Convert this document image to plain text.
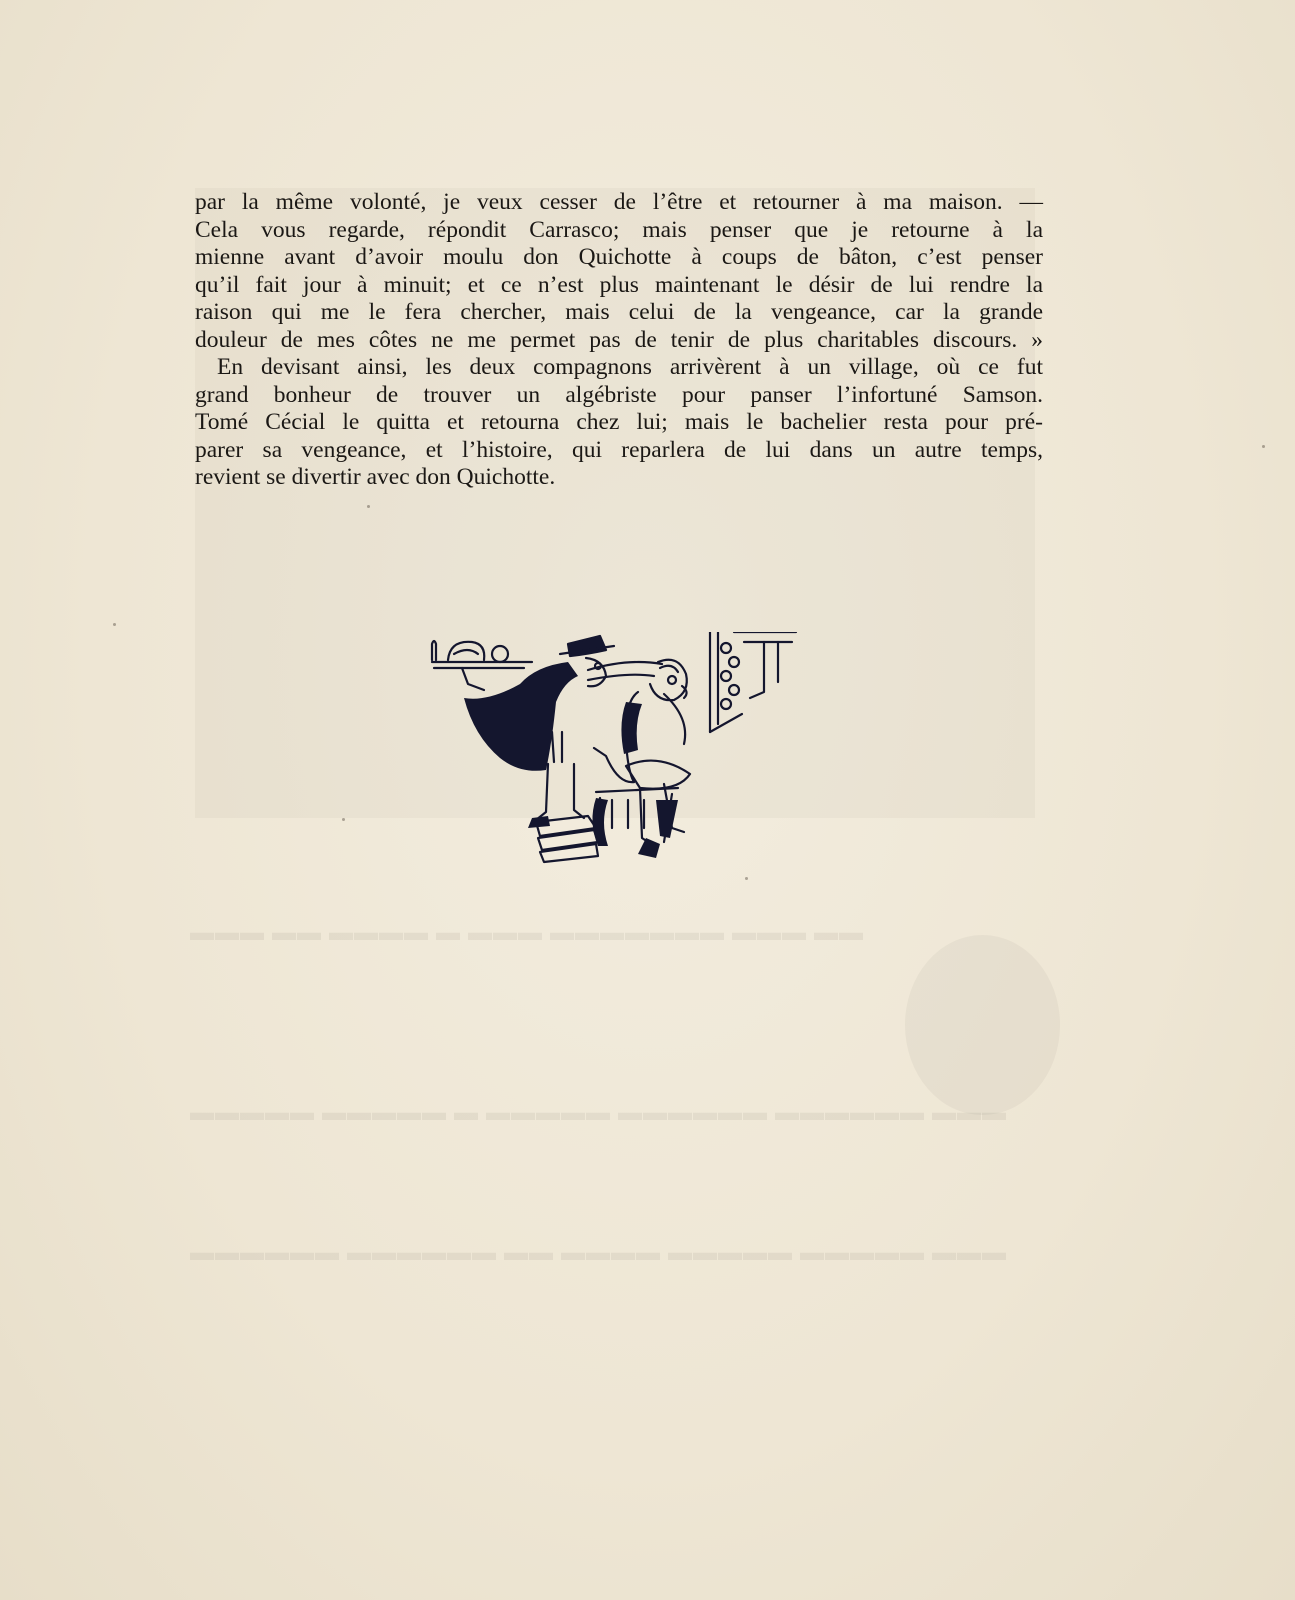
▬▬▬ ▬▬ ▬▬▬▬ ▬ ▬▬▬ ▬▬▬▬▬▬▬ ▬▬▬ ▬▬
▬▬▬▬▬ ▬▬▬▬▬ ▬ ▬▬▬▬▬ ▬▬▬▬▬▬ ▬▬▬▬▬▬ ▬▬▬
▬▬▬▬▬▬ ▬▬▬▬▬▬ ▬▬ ▬▬▬▬ ▬▬▬▬▬ ▬▬▬▬▬ ▬▬▬
par la même volonté, je veux cesser de l’être et retourner à ma maison. —
Cela vous regarde, répondit Carrasco; mais penser que je retourne à la
mienne avant d’avoir moulu don Quichotte à coups de bâton, c’est penser
qu’il fait jour à minuit; et ce n’est plus maintenant le désir de lui rendre la
raison qui me le fera chercher, mais celui de la vengeance, car la grande
douleur de mes côtes ne me permet pas de tenir de plus charitables discours. »
En devisant ainsi, les deux compagnons arrivèrent à un village, où ce fut
grand bonheur de trouver un algébriste pour panser l’infortuné Samson.
Tomé Cécial le quitta et retourna chez lui; mais le bachelier resta pour pré-
parer sa vengeance, et l’histoire, qui reparlera de lui dans un autre temps,
revient se divertir avec don Quichotte.
